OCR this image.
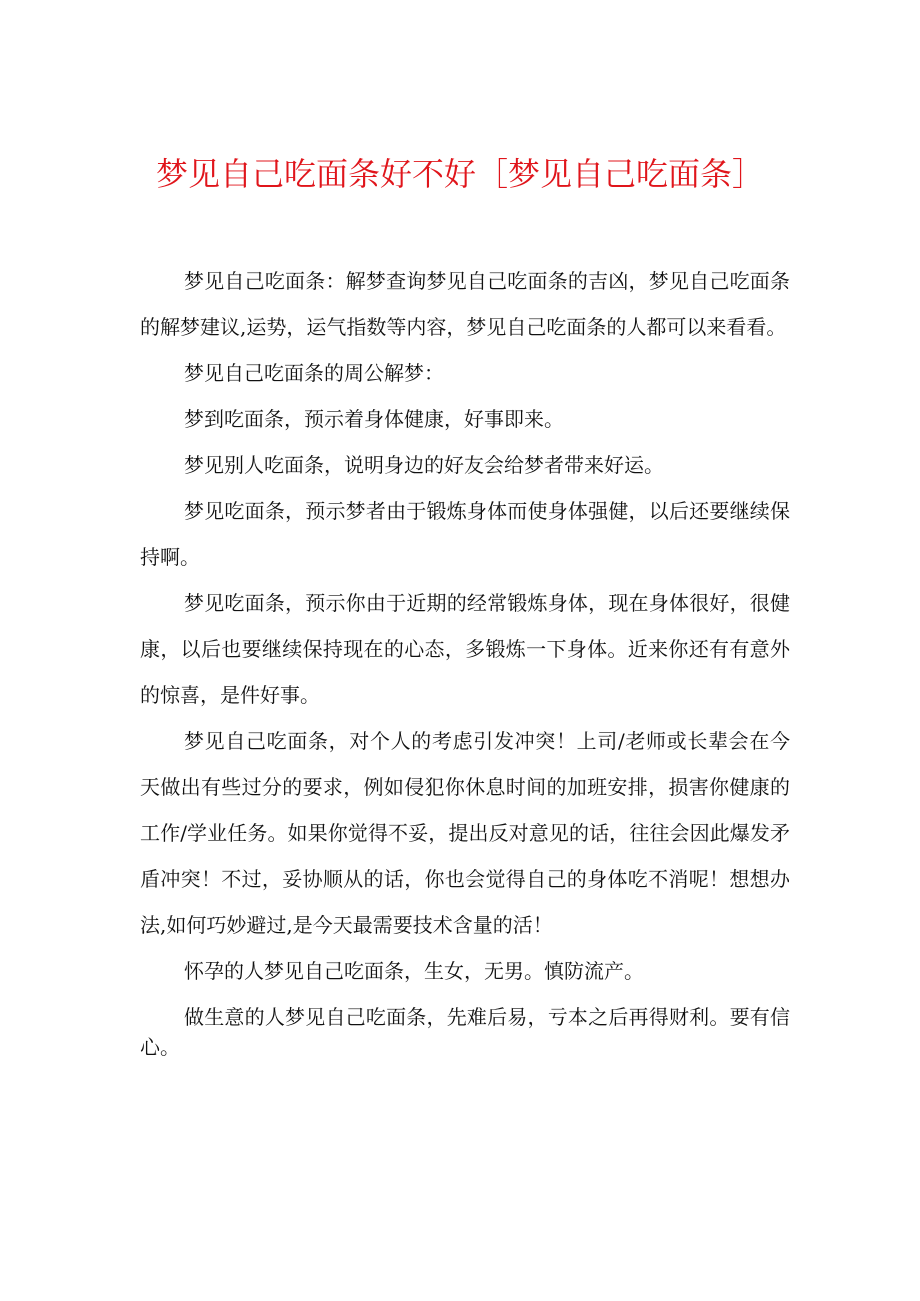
梦见自己吃面条好不好［梦见自己吃面条］

梦见自己吃面条：解梦查询梦见自己吃面条的吉凶，梦见自己吃面条的解梦建议,运势，运气指数等内容，梦见自己吃面条的人都可以来看看。

梦见自己吃面条的周公解梦：

梦到吃面条，预示着身体健康，好事即来。

梦见别人吃面条，说明身边的好友会给梦者带来好运。

梦见吃面条，预示梦者由于锻炼身体而使身体强健，以后还要继续保持啊。

梦见吃面条，预示你由于近期的经常锻炼身体，现在身体很好，很健康，以后也要继续保持现在的心态，多锻炼一下身体。近来你还有有意外的惊喜，是件好事。

梦见自己吃面条，对个人的考虑引发冲突！上司/老师或长辈会在今天做出有些过分的要求，例如侵犯你休息时间的加班安排，损害你健康的工作/学业任务。如果你觉得不妥，提出反对意见的话，往往会因此爆发矛盾冲突！不过，妥协顺从的话，你也会觉得自己的身体吃不消呢！想想办法,如何巧妙避过,是今天最需要技术含量的活！

怀孕的人梦见自己吃面条，生女，无男。慎防流产。

做生意的人梦见自己吃面条，先难后易，亏本之后再得财利。要有信心。
